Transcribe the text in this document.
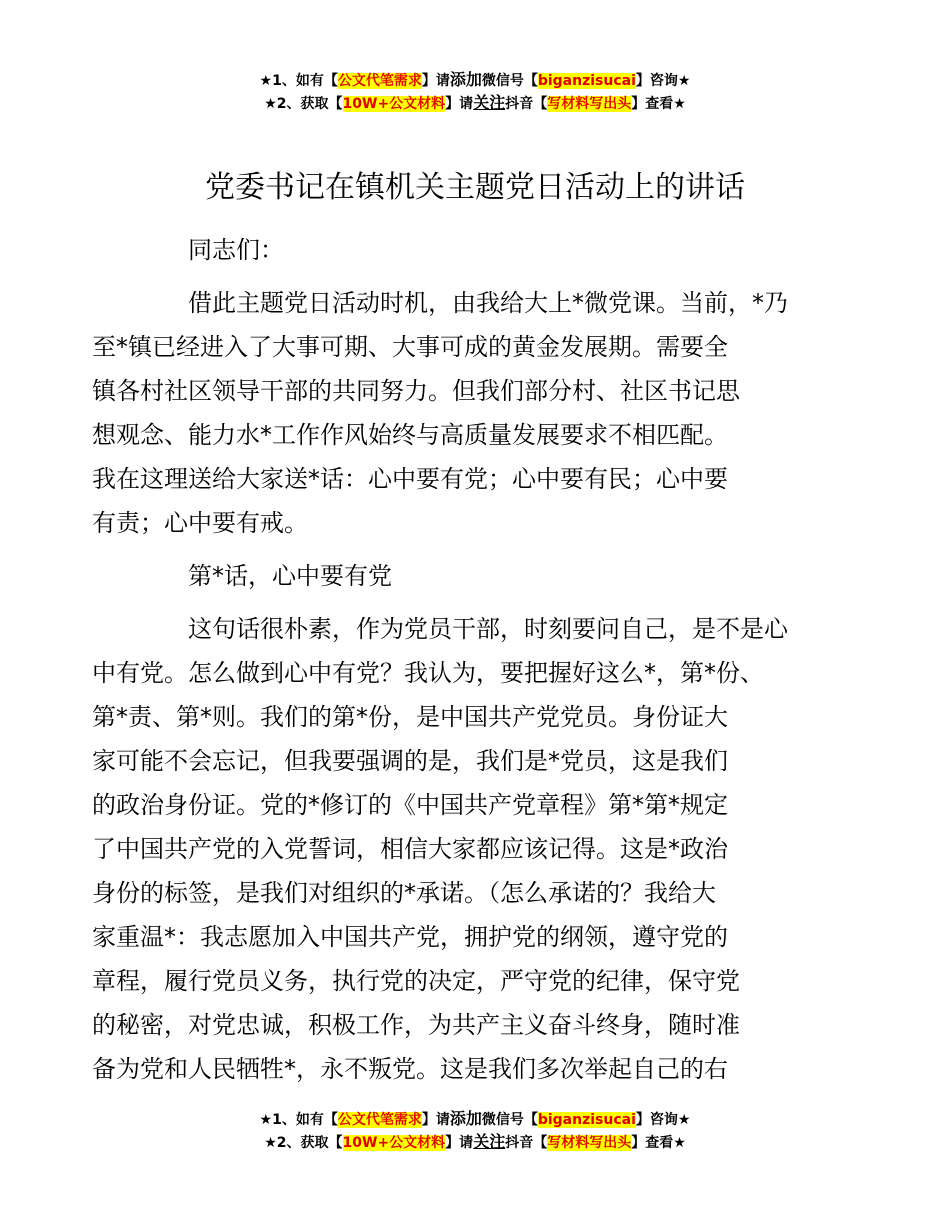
★1、如有【公文代笔需求】请添加微信号【biganzisucai】咨询★
★2、获取【10W+公文材料】请关注抖音【写材料写出头】查看★
党委书记在镇机关主题党日活动上的讲话
同志们：
借此主题党日活动时机，由我给大上*微党课。当前，*乃
至*镇已经进入了大事可期、大事可成的黄金发展期。需要全
镇各村社区领导干部的共同努力。但我们部分村、社区书记思
想观念、能力水*工作作风始终与高质量发展要求不相匹配。
我在这理送给大家送*话：心中要有党；心中要有民；心中要
有责；心中要有戒。
第*话，心中要有党
这句话很朴素，作为党员干部，时刻要问自己，是不是心
中有党。怎么做到心中有党？我认为，要把握好这么*，第*份、
第*责、第*则。我们的第*份，是中国共产党党员。身份证大
家可能不会忘记，但我要强调的是，我们是*党员，这是我们
的政治身份证。党的*修订的《中国共产党章程》第*第*规定
了中国共产党的入党誓词，相信大家都应该记得。这是*政治
身份的标签，是我们对组织的*承诺。（怎么承诺的？我给大
家重温*：我志愿加入中国共产党，拥护党的纲领，遵守党的
章程，履行党员义务，执行党的决定，严守党的纪律，保守党
的秘密，对党忠诚，积极工作，为共产主义奋斗终身，随时准
备为党和人民牺牲*，永不叛党。这是我们多次举起自己的右
★1、如有【公文代笔需求】请添加微信号【biganzisucai】咨询★
★2、获取【10W+公文材料】请关注抖音【写材料写出头】查看★
